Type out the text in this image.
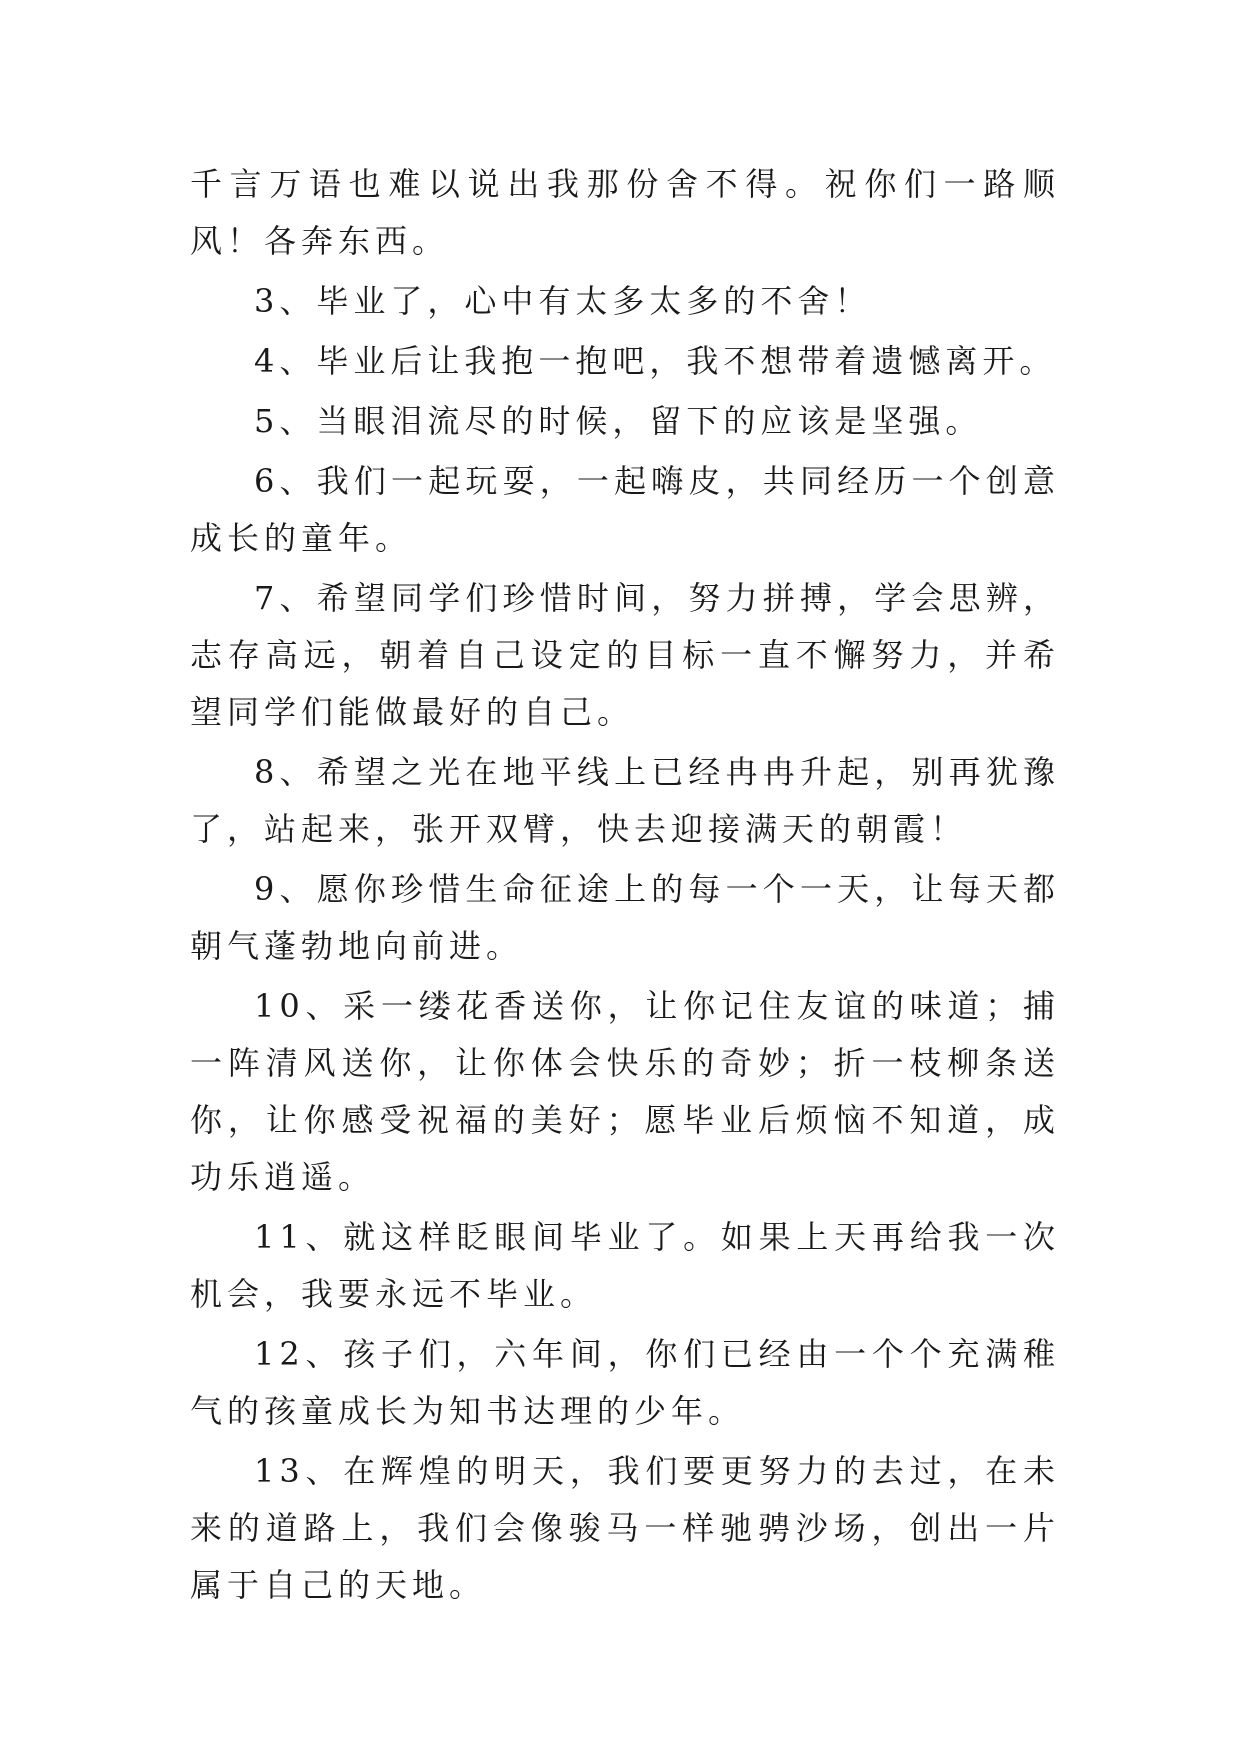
千言万语也难以说出我那份舍不得。祝你们一路顺风！各奔东西。

3、毕业了，心中有太多太多的不舍！

4、毕业后让我抱一抱吧，我不想带着遗憾离开。

5、当眼泪流尽的时候，留下的应该是坚强。

6、我们一起玩耍，一起嗨皮，共同经历一个创意成长的童年。

7、希望同学们珍惜时间，努力拼搏，学会思辨，志存高远，朝着自己设定的目标一直不懈努力，并希望同学们能做最好的自己。

8、希望之光在地平线上已经冉冉升起，别再犹豫了，站起来，张开双臂，快去迎接满天的朝霞！

9、愿你珍惜生命征途上的每一个一天，让每天都朝气蓬勃地向前进。

10、采一缕花香送你，让你记住友谊的味道；捕一阵清风送你，让你体会快乐的奇妙；折一枝柳条送你，让你感受祝福的美好；愿毕业后烦恼不知道，成功乐逍遥。

11、就这样眨眼间毕业了。如果上天再给我一次机会，我要永远不毕业。

12、孩子们，六年间，你们已经由一个个充满稚气的孩童成长为知书达理的少年。

13、在辉煌的明天，我们要更努力的去过，在未来的道路上，我们会像骏马一样驰骋沙场，创出一片属于自己的天地。
